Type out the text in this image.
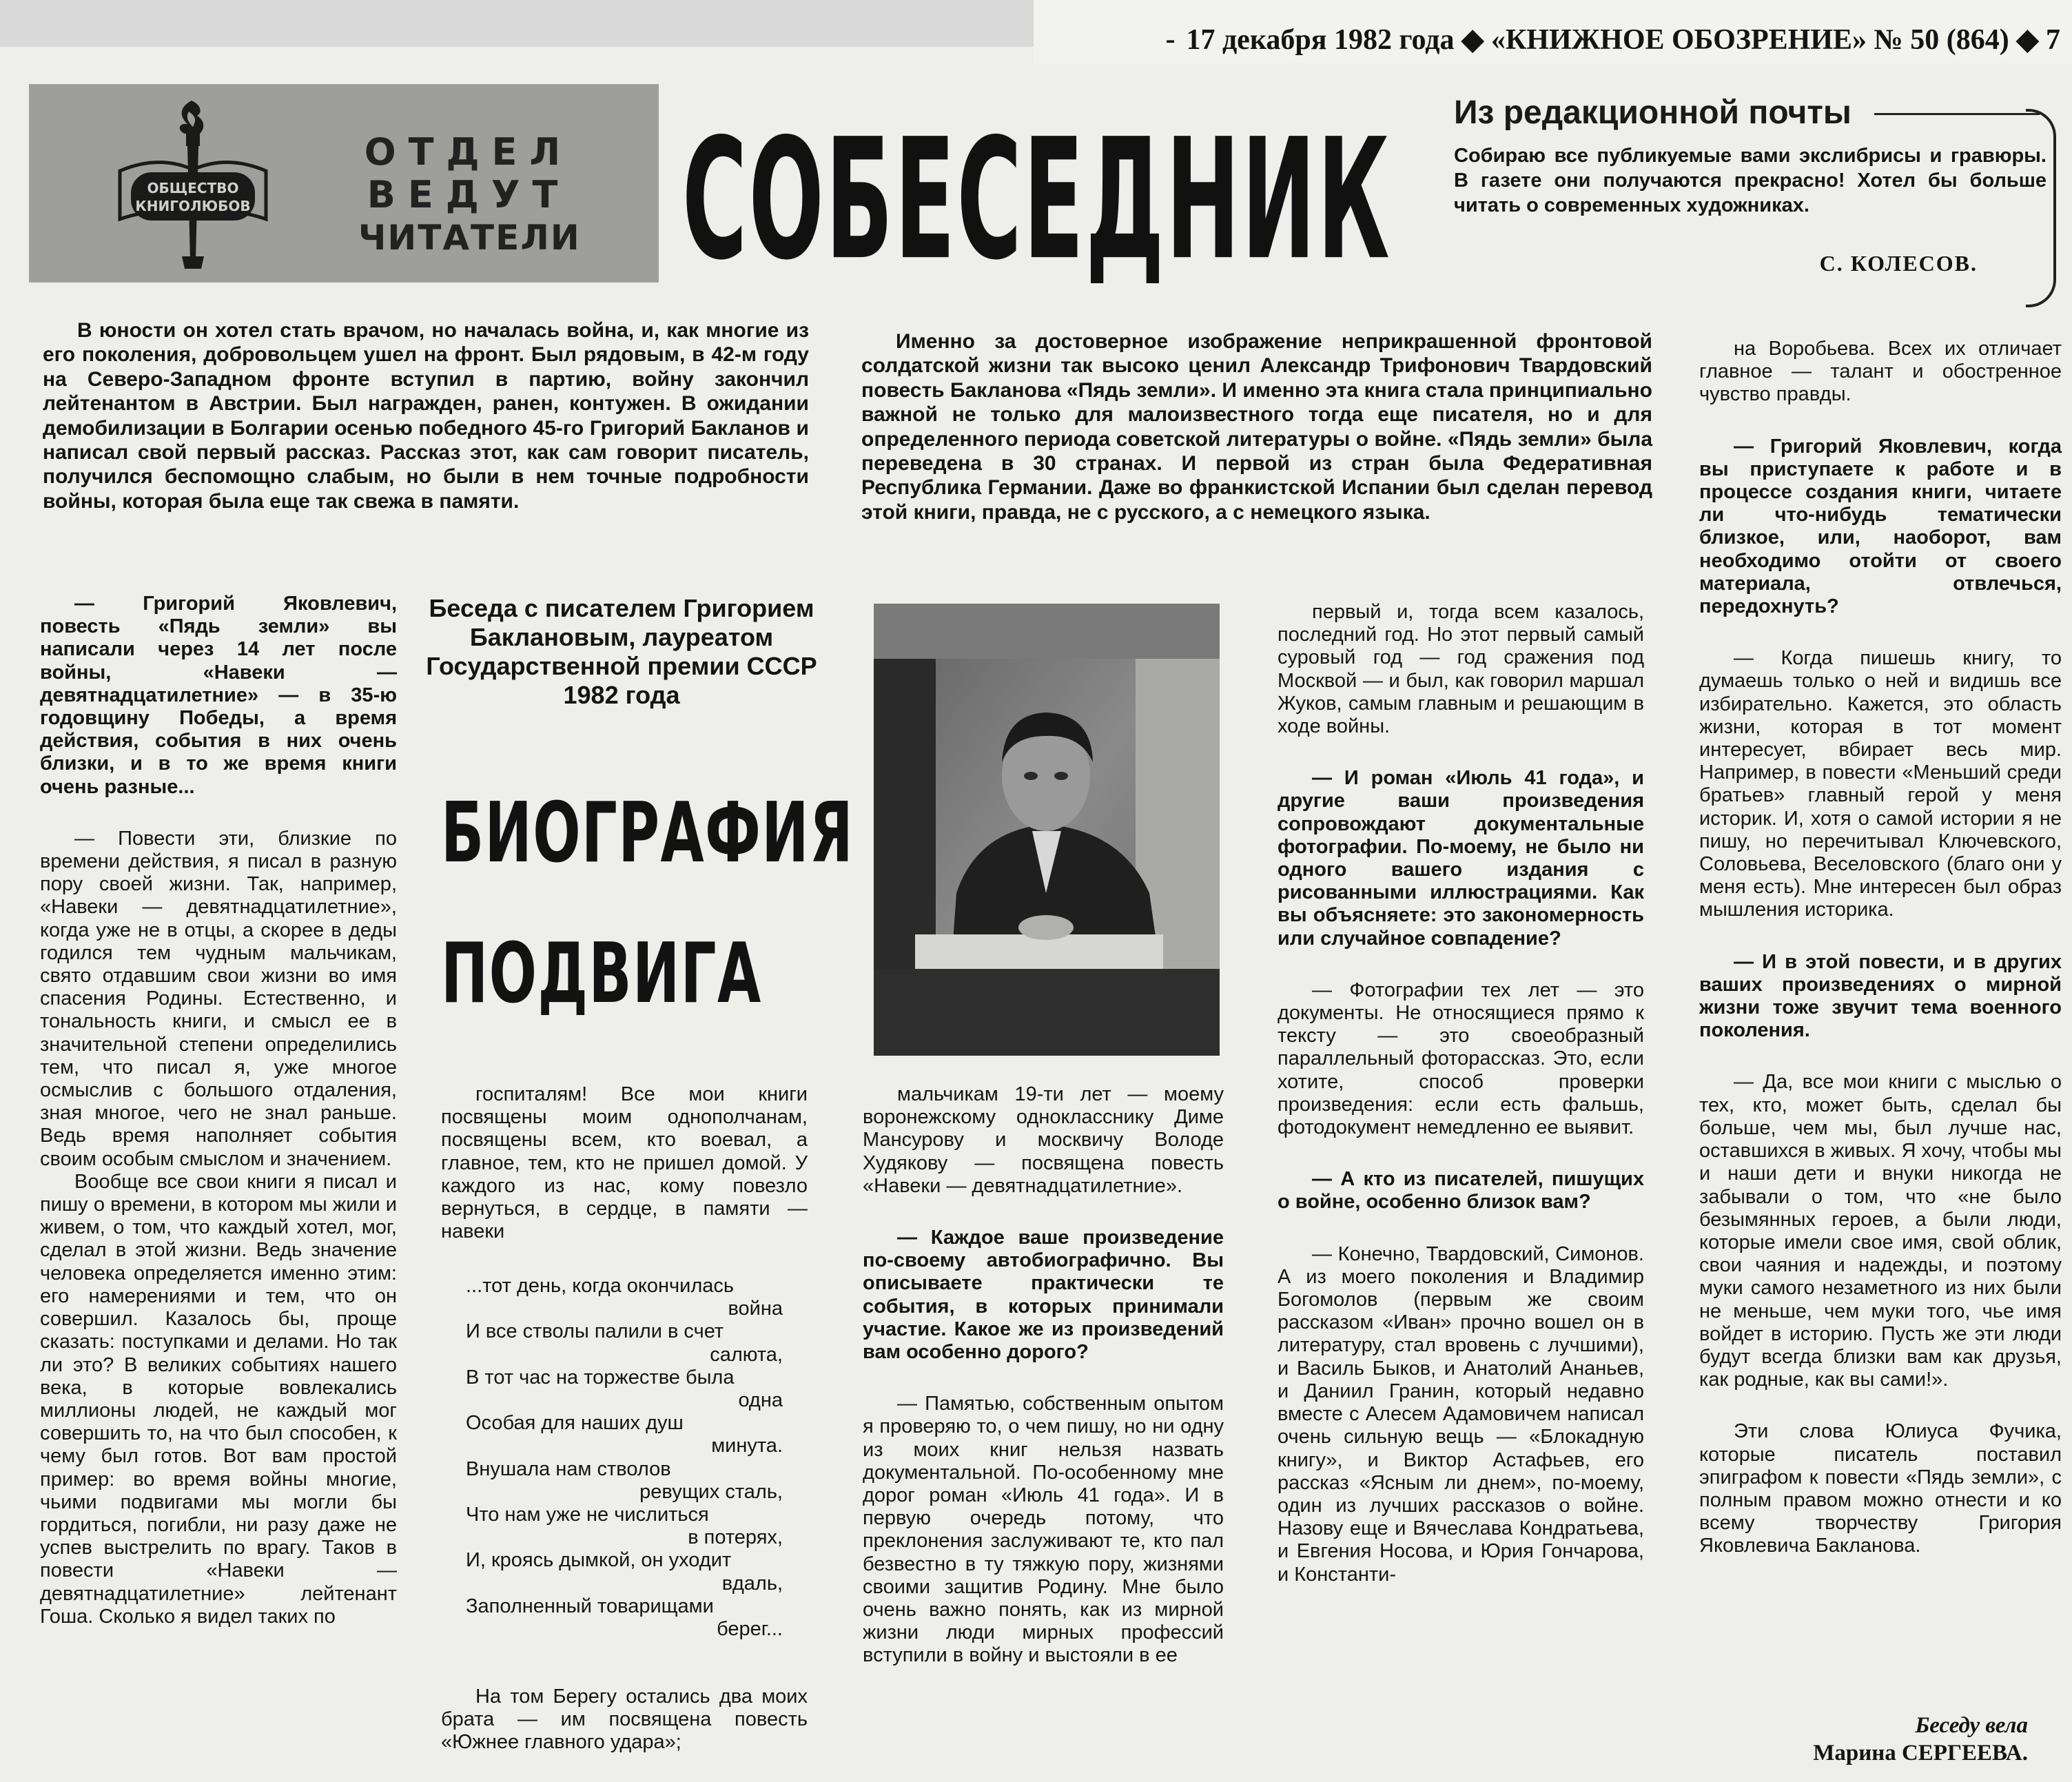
- 17 декабря 1982 года ◆ «КНИЖНОЕ ОБОЗРЕНИЕ» № 50 (864) ◆ 7
ОБЩЕСТВО
КНИГОЛЮБОВ
ОТДЕЛ
ВЕДУТ
ЧИТАТЕЛИ СОБЕСЕДНИК Из редакционной почты
Собираю все публикуемые вами экслибрисы и гравюры. В газете они получаются прекрасно! Хотел бы больше читать о современных художниках.
С. КОЛЕСОВ.

В юности он хотел стать врачом, но началась война, и, как многие из его поколения, добровольцем ушел на фронт. Был рядовым, в 42-м году на Северо-Западном фронте вступил в партию, войну закончил лейтенантом в Австрии. Был награжден, ранен, контужен. В ожидании демобилизации в Болгарии осенью победного 45-го Григорий Бакланов и написал свой первый рассказ. Рассказ этот, как сам говорит писатель, получился беспомощно слабым, но были в нем точные подробности войны, которая была еще так свежа в памяти.

Именно за достоверное изображение неприкрашенной фронтовой солдатской жизни так высоко ценил Александр Трифонович Твардовский повесть Бакланова «Пядь земли». И именно эта книга стала принципиально важной не только для малоизвестного тогда еще писателя, но и для определенного периода советской литературы о войне. «Пядь земли» была переведена в 30 странах. И первой из стран была Федеративная Республика Германии. Даже во франкистской Испании был сделан перевод этой книги, правда, не с русского, а с немецкого языка.

— Григорий Яковлевич, повесть «Пядь земли» вы написали через 14 лет после войны, «Навеки — девятнадцатилетние» — в 35-ю годовщину Победы, а время действия, события в них очень близки, и в то же время книги очень разные...

— Повести эти, близкие по времени действия, я писал в разную пору своей жизни. Так, например, «Навеки — девятнадцатилетние», когда уже не в отцы, а скорее в деды годился тем чудным мальчикам, свято отдавшим свои жизни во имя спасения Родины. Естественно, и тональность книги, и смысл ее в значительной степени определились тем, что писал я, уже многое осмыслив с большого отдаления, зная многое, чего не знал раньше. Ведь время наполняет события своим особым смыслом и значением.

Вообще все свои книги я писал и пишу о времени, в котором мы жили и живем, о том, что каждый хотел, мог, сделал в этой жизни. Ведь значение человека определяется именно этим: его намерениями и тем, что он совершил. Казалось бы, проще сказать: поступками и делами. Но так ли это? В великих событиях нашего века, в которые вовлекались миллионы людей, не каждый мог совершить то, на что был способен, к чему был готов. Вот вам простой пример: во время войны многие, чьими подвигами мы могли бы гордиться, погибли, ни разу даже не успев выстрелить по врагу. Таков в повести «Навеки — девятнадцатилетние» лейтенант Гоша. Сколько я видел таких по

Беседа с писателем Григорием Баклановым, лауреатом Государственной премии СССР 1982 года
БИОГРАФИЯ
ПОДВИГА

госпиталям! Все мои книги посвящены моим однополчанам, посвящены всем, кто воевал, а главное, тем, кто не пришел домой. У каждого из нас, кому повезло вернуться, в сердце, в памяти — навеки

...тот день, когда окончилась
война
И все стволы палили в счет
салюта,
В тот час на торжестве была
одна
Особая для наших душ
минута.
Внушала нам стволов
ревущих сталь,
Что нам уже не числиться
в потерях,
И, кроясь дымкой, он уходит
вдаль,
Заполненный товарищами
берег...

На том Берегу остались два моих брата — им посвящена повесть «Южнее главного удара»;

мальчикам 19-ти лет — моему воронежскому однокласснику Диме Мансурову и москвичу Володе Худякову — посвящена повесть «Навеки — девятнадцатилетние».

— Каждое ваше произведение по-своему автобиографично. Вы описываете практически те события, в которых принимали участие. Какое же из произведений вам особенно дорого?

— Памятью, собственным опытом я проверяю то, о чем пишу, но ни одну из моих книг нельзя назвать документальной. По-особенному мне дорог роман «Июль 41 года». И в первую очередь потому, что преклонения заслуживают те, кто пал безвестно в ту тяжкую пору, жизнями своими защитив Родину. Мне было очень важно понять, как из мирной жизни люди мирных профессий вступили в войну и выстояли в ее

первый и, тогда всем казалось, последний год. Но этот первый самый суровый год — год сражения под Москвой — и был, как говорил маршал Жуков, самым главным и решающим в ходе войны.

— И роман «Июль 41 года», и другие ваши произведения сопровождают документальные фотографии. По-моему, не было ни одного вашего издания с рисованными иллюстрациями. Как вы объясняете: это закономерность или случайное совпадение?

— Фотографии тех лет — это документы. Не относящиеся прямо к тексту — это своеобразный параллельный фоторассказ. Это, если хотите, способ проверки произведения: если есть фальшь, фотодокумент немедленно ее выявит.

— А кто из писателей, пишущих о войне, особенно близок вам?

— Конечно, Твардовский, Симонов. А из моего поколения и Владимир Богомолов (первым же своим рассказом «Иван» прочно вошел он в литературу, стал вровень с лучшими), и Василь Быков, и Анатолий Ананьев, и Даниил Гранин, который недавно вместе с Алесем Адамовичем написал очень сильную вещь — «Блокадную книгу», и Виктор Астафьев, его рассказ «Ясным ли днем», по-моему, один из лучших рассказов о войне. Назову еще и Вячеслава Кондратьева, и Евгения Носова, и Юрия Гончарова, и Константи-

на Воробьева. Всех их отличает главное — талант и обостренное чувство правды.

— Григорий Яковлевич, когда вы приступаете к работе и в процессе создания книги, читаете ли что-нибудь тематически близкое, или, наоборот, вам необходимо отойти от своего материала, отвлечься, передохнуть?

— Когда пишешь книгу, то думаешь только о ней и видишь все избирательно. Кажется, это область жизни, которая в тот момент интересует, вбирает весь мир. Например, в повести «Меньший среди братьев» главный герой у меня историк. И, хотя о самой истории я не пишу, но перечитывал Ключевского, Соловьева, Веселовского (благо они у меня есть). Мне интересен был образ мышления историка.

— И в этой повести, и в других ваших произведениях о мирной жизни тоже звучит тема военного поколения.

— Да, все мои книги с мыслью о тех, кто, может быть, сделал бы больше, чем мы, был лучше нас, оставшихся в живых. Я хочу, чтобы мы и наши дети и внуки никогда не забывали о том, что «не было безымянных героев, а были люди, которые имели свое имя, свой облик, свои чаяния и надежды, и поэтому муки самого незаметного из них были не меньше, чем муки того, чье имя войдет в историю. Пусть же эти люди будут всегда близки вам как друзья, как родные, как вы сами!».

Эти слова Юлиуса Фучика, которые писатель поставил эпиграфом к повести «Пядь земли», с полным правом можно отнести и ко всему творчеству Григория Яковлевича Бакланова.

Беседу вела
Марина СЕРГЕЕВА.
